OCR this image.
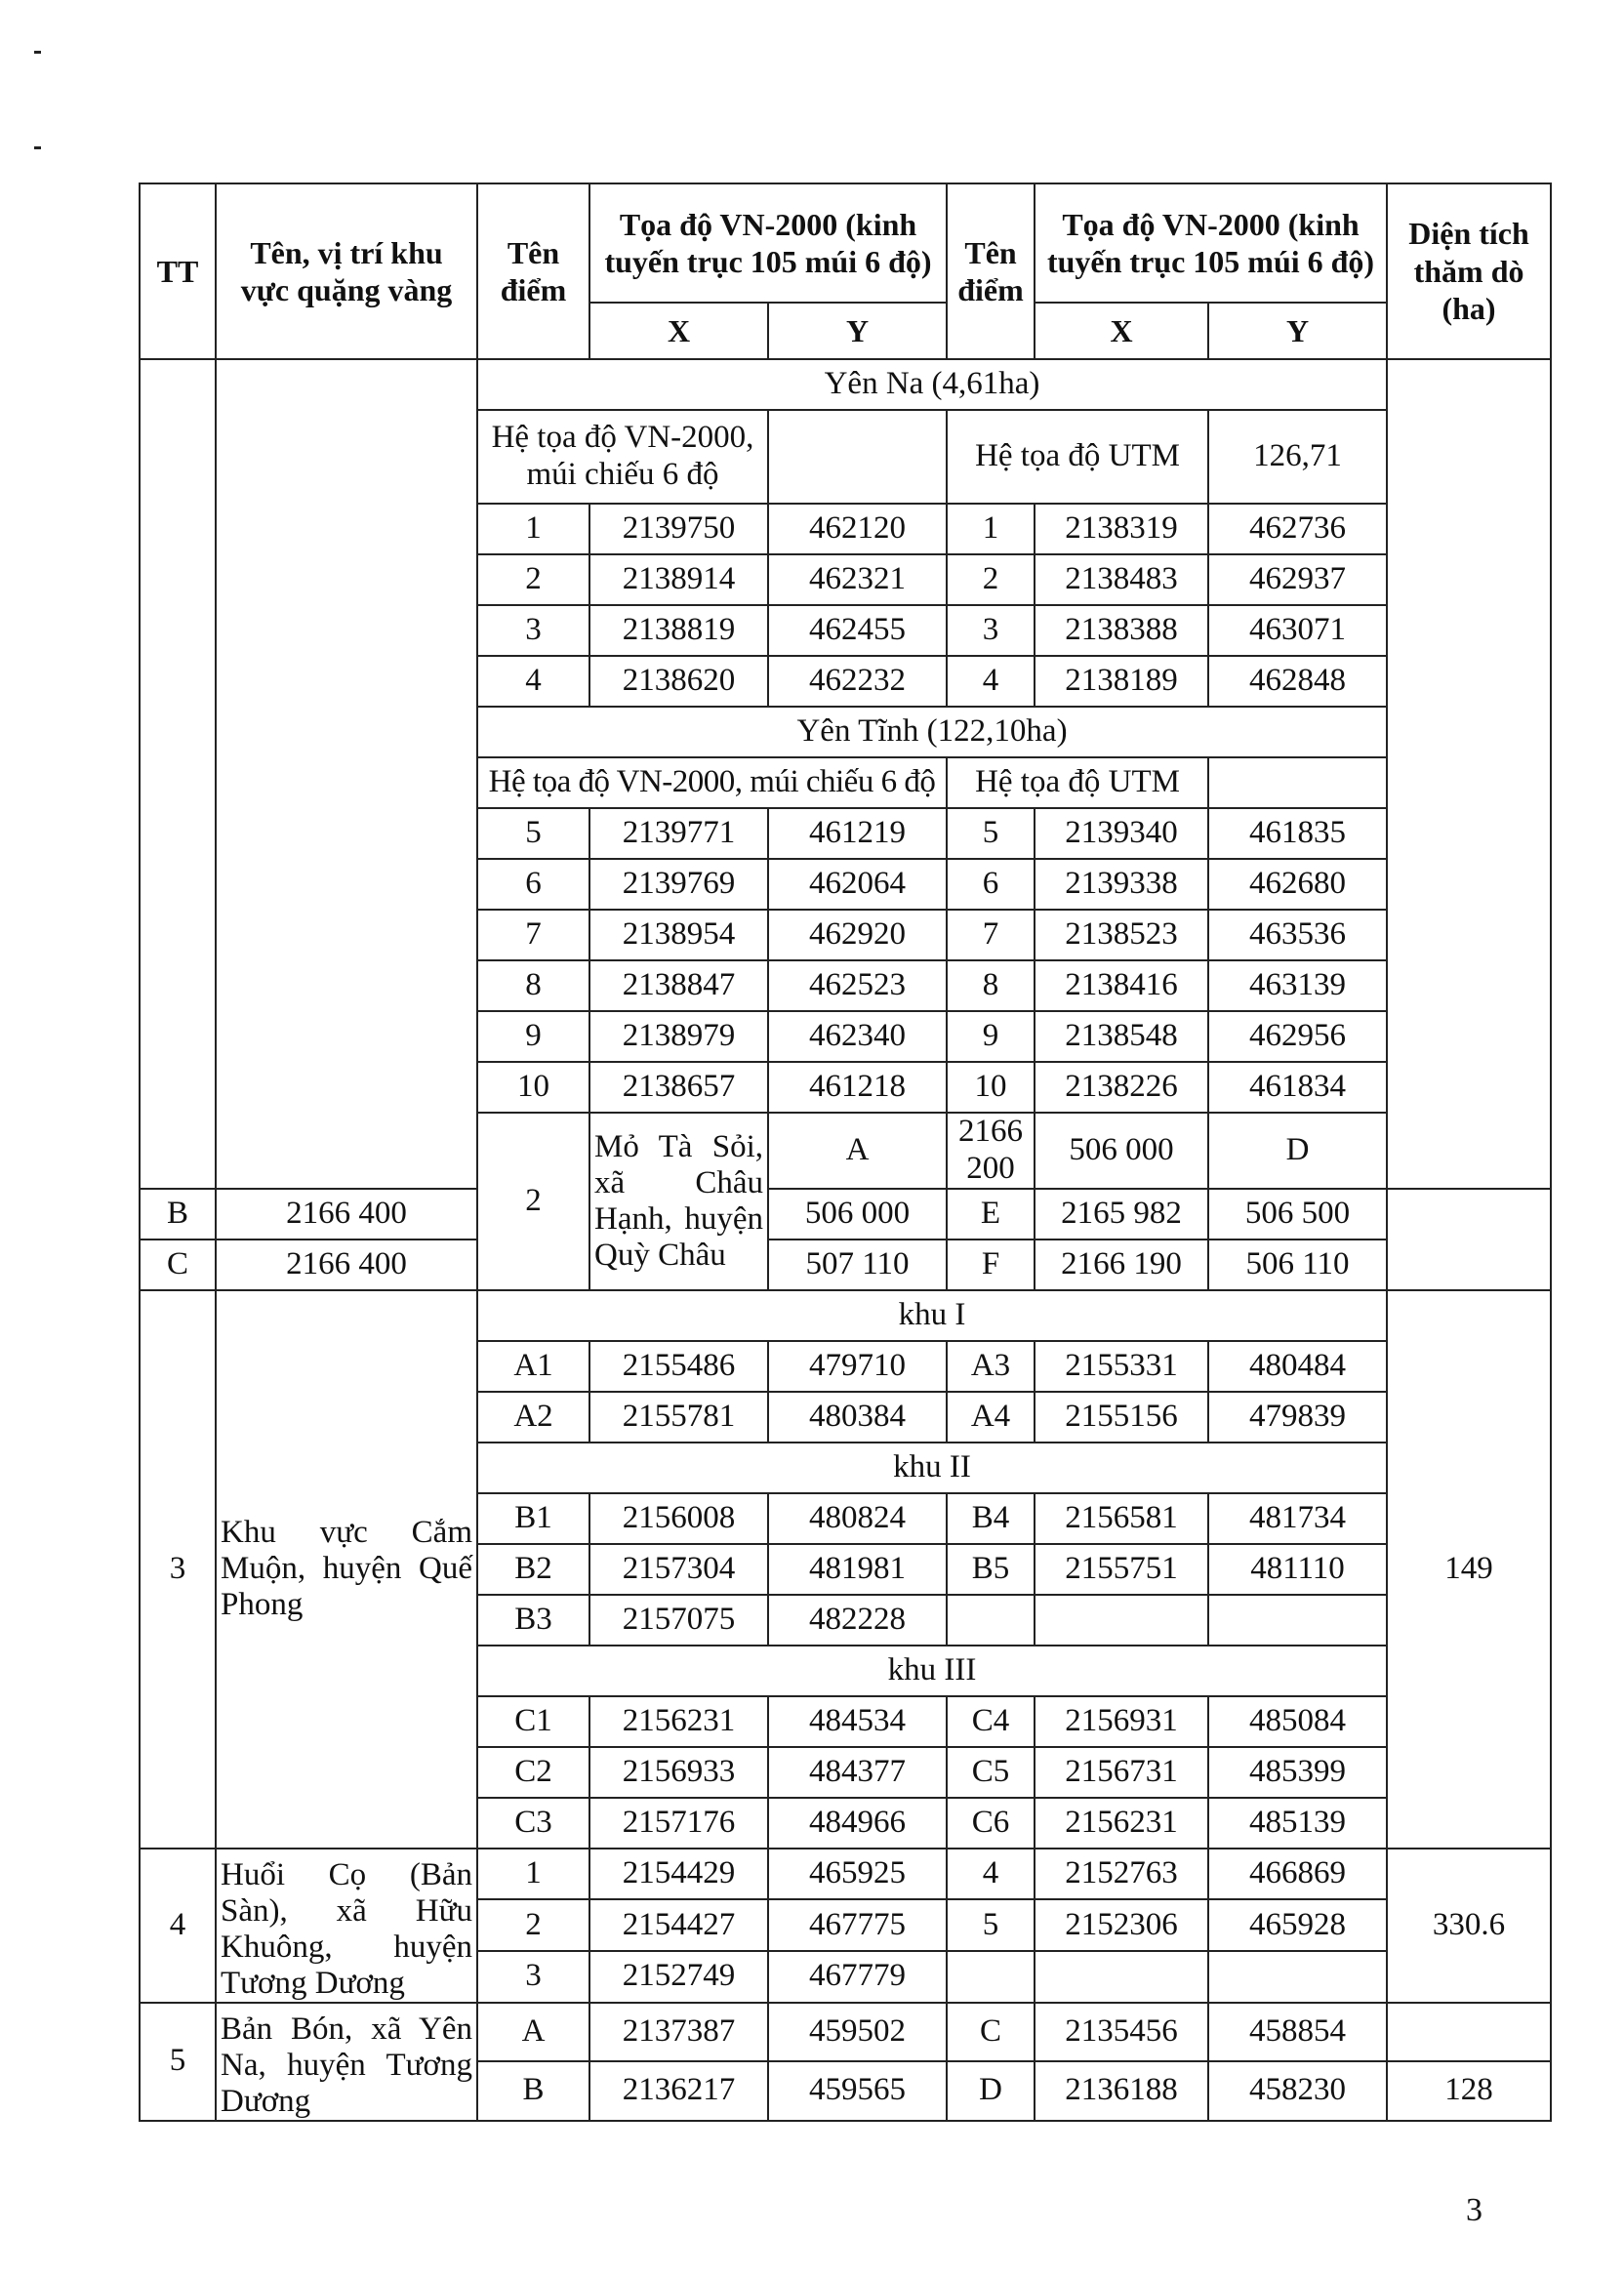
TT	Tên, vị trí khu vực quặng vàng	Tên điểm	Tọa độ VN-2000 (kinh tuyến trục 105 múi 6 độ)		Tên điểm	Tọa độ VN-2000 (kinh tuyến trục 105 múi 6 độ)		Diện tích thăm dò (ha)	
			X	Y		X	Y		
		Yên Na (4,61ha)							
		Hệ tọa độ VN-2000, múi chiếu 6 độ			Hệ tọa độ UTM		126,71		
		1	2139750	462120	1	2138319	462736		
		2	2138914	462321	2	2138483	462937		
		3	2138819	462455	3	2138388	463071		
		4	2138620	462232	4	2138189	462848		
		Yên Tĩnh (122,10ha)							
		Hệ tọa độ VN-2000, múi chiếu 6 độ			Hệ tọa độ UTM				
		5	2139771	461219	5	2139340	461835		
		6	2139769	462064	6	2139338	462680		
		7	2138954	462920	7	2138523	463536		
		8	2138847	462523	8	2138416	463139		
		9	2138979	462340	9	2138548	462956		
		10	2138657	461218	10	2138226	461834		
		2	Mỏ Tà Sỏi, xã Châu Hạnh, huyện Quỳ Châu	A	2166 200	506 000	D			
B	2166 400			506 000	E	2165 982	506 500		
C	2166 400			507 110	F	2166 190	506 110		
3	Khu vực Cắm Muộn, huyện Quế Phong	khu I						149	
		A1	2155486	479710	A3	2155331	480484		
		A2	2155781	480384	A4	2155156	479839		
		khu II							
		B1	2156008	480824	B4	2156581	481734		
		B2	2157304	481981	B5	2155751	481110		
		B3	2157075	482228					
		khu III							
		C1	2156231	484534	C4	2156931	485084		
		C2	2156933	484377	C5	2156731	485399		
		C3	2157176	484966	C6	2156231	485139		
4	Huổi Cọ (Bản Sàn), xã Hữu Khuông, huyện Tương Dương	1	2154429	465925	4	2152763	466869	330.6	
		2	2154427	467775	5	2152306	465928		
		3	2152749	467779					
5	Bản Bón, xã Yên Na, huyện Tương Dương	A	2137387	459502	C	2135456	458854		
		B	2136217	459565	D	2136188	458230	128	
3
